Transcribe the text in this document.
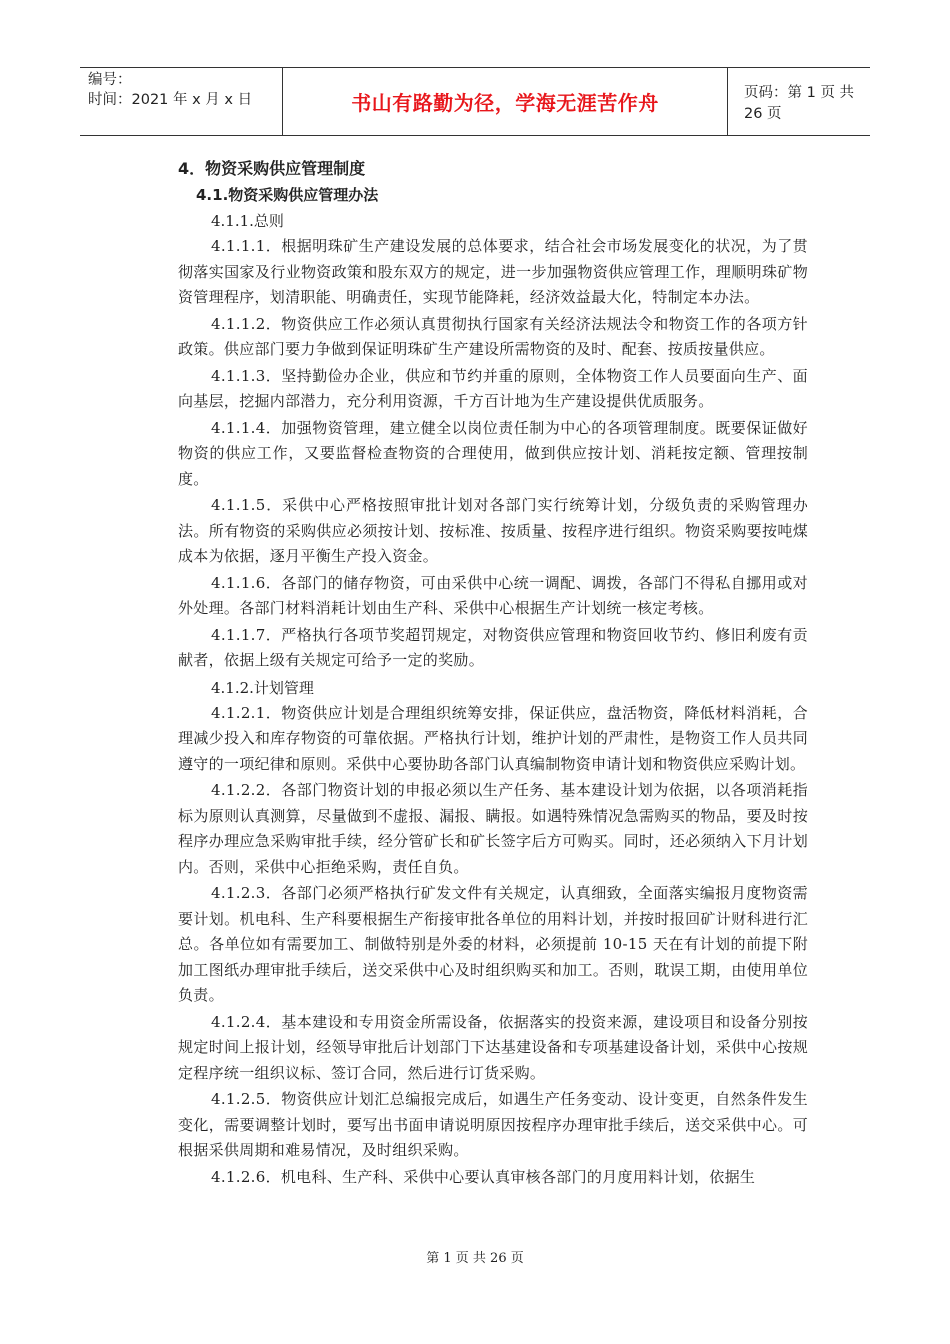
编号：
时间：2021 年 x 月 x 日	书山有路勤为径，学海无涯苦作舟	页码：第 1 页 共 26 页

4．物资采购供应管理制度

4.1.物资采购供应管理办法

4.1.1.总则

4.1.1.1．根据明珠矿生产建设发展的总体要求，结合社会市场发展变化的状况，为了贯彻落实国家及行业物资政策和股东双方的规定，进一步加强物资供应管理工作，理顺明珠矿物资管理程序，划清职能、明确责任，实现节能降耗，经济效益最大化，特制定本办法。

4.1.1.2．物资供应工作必须认真贯彻执行国家有关经济法规法令和物资工作的各项方针政策。供应部门要力争做到保证明珠矿生产建设所需物资的及时、配套、按质按量供应。

4.1.1.3．坚持勤俭办企业，供应和节约并重的原则，全体物资工作人员要面向生产、面向基层，挖掘内部潜力，充分利用资源，千方百计地为生产建设提供优质服务。

4.1.1.4．加强物资管理，建立健全以岗位责任制为中心的各项管理制度。既要保证做好物资的供应工作，又要监督检查物资的合理使用，做到供应按计划、消耗按定额、管理按制度。

4.1.1.5．采供中心严格按照审批计划对各部门实行统筹计划，分级负责的采购管理办法。所有物资的采购供应必须按计划、按标准、按质量、按程序进行组织。物资采购要按吨煤成本为依据，逐月平衡生产投入资金。

4.1.1.6．各部门的储存物资，可由采供中心统一调配、调拨，各部门不得私自挪用或对外处理。各部门材料消耗计划由生产科、采供中心根据生产计划统一核定考核。

4.1.1.7．严格执行各项节奖超罚规定，对物资供应管理和物资回收节约、修旧利废有贡献者，依据上级有关规定可给予一定的奖励。

4.1.2.计划管理

4.1.2.1．物资供应计划是合理组织统筹安排，保证供应，盘活物资，降低材料消耗，合理减少投入和库存物资的可靠依据。严格执行计划，维护计划的严肃性，是物资工作人员共同遵守的一项纪律和原则。采供中心要协助各部门认真编制物资申请计划和物资供应采购计划。

4.1.2.2．各部门物资计划的申报必须以生产任务、基本建设计划为依据，以各项消耗指标为原则认真测算，尽量做到不虚报、漏报、瞒报。如遇特殊情况急需购买的物品，要及时按程序办理应急采购审批手续，经分管矿长和矿长签字后方可购买。同时，还必须纳入下月计划内。否则，采供中心拒绝采购，责任自负。

4.1.2.3．各部门必须严格执行矿发文件有关规定，认真细致，全面落实编报月度物资需要计划。机电科、生产科要根据生产衔接审批各单位的用料计划，并按时报回矿计财科进行汇总。各单位如有需要加工、制做特别是外委的材料，必须提前 10-15 天在有计划的前提下附加工图纸办理审批手续后，送交采供中心及时组织购买和加工。否则，耽误工期，由使用单位负责。

4.1.2.4．基本建设和专用资金所需设备，依据落实的投资来源，建设项目和设备分别按规定时间上报计划，经领导审批后计划部门下达基建设备和专项基建设备计划，采供中心按规定程序统一组织议标、签订合同，然后进行订货采购。

4.1.2.5．物资供应计划汇总编报完成后，如遇生产任务变动、设计变更，自然条件发生变化，需要调整计划时，要写出书面申请说明原因按程序办理审批手续后，送交采供中心。可根据采供周期和难易情况，及时组织采购。

4.1.2.6．机电科、生产科、采供中心要认真审核各部门的月度用料计划，依据生

第 1 页 共 26 页
